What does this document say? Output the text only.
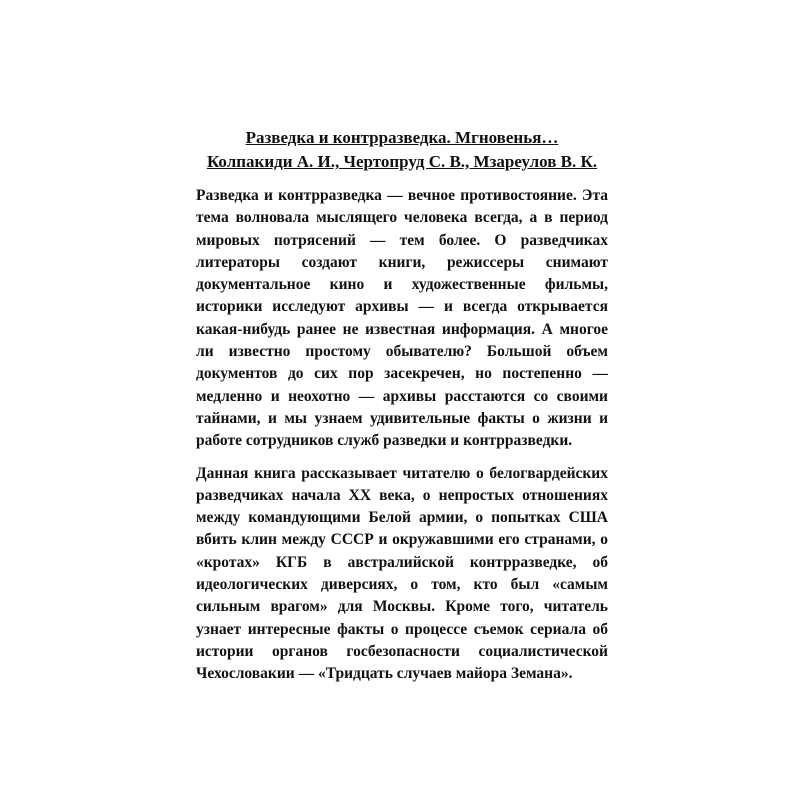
Разведка и контрразведка. Мгновенья…
Колпакиди А. И., Чертопруд С. В., Мзареулов В. К.

Разведка и контрразведка — вечное противостояние. Эта
тема волновала мыслящего человека всегда, а в период
мировых потрясений — тем более. О разведчиках
литераторы создают книги, режиссеры снимают
документальное кино и художественные фильмы,
историки исследуют архивы — и всегда открывается
какая-нибудь ранее не известная информация. А многое
ли известно простому обывателю? Большой объем
документов до сих пор засекречен, но постепенно —
медленно и неохотно — архивы расстаются со своими
тайнами, и мы узнаем удивительные факты о жизни и
работе сотрудников служб разведки и контрразведки.

Данная книга рассказывает читателю о белогвардейских
разведчиках начала XX века, о непростых отношениях
между командующими Белой армии, о попытках США
вбить клин между СССР и окружавшими его странами, о
«кротах» КГБ в австралийской контрразведке, об
идеологических диверсиях, о том, кто был «самым
сильным врагом» для Москвы. Кроме того, читатель
узнает интересные факты о процессе съемок сериала об
истории органов госбезопасности социалистической
Чехословакии — «Тридцать случаев майора Земана».
